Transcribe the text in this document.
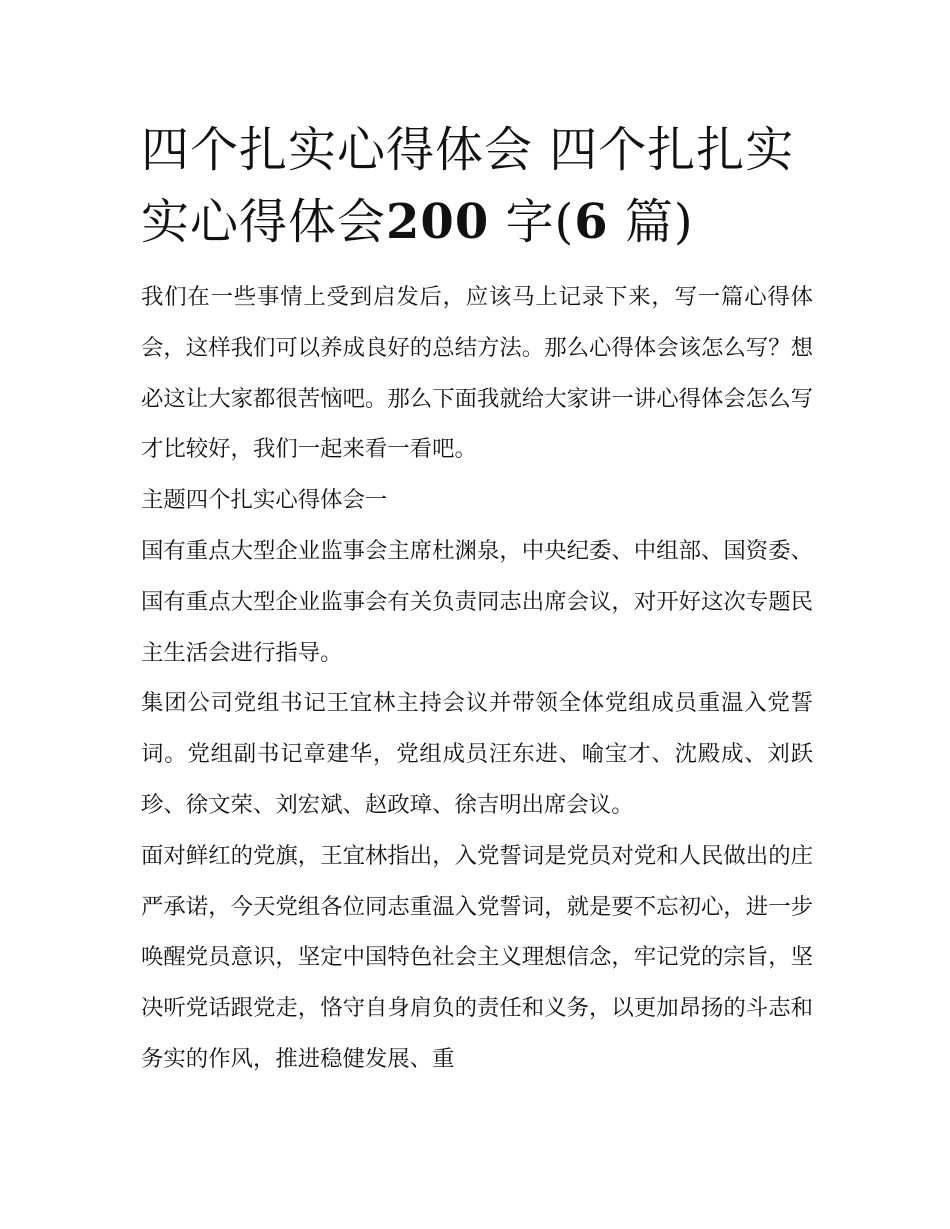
四个扎实心得体会 四个扎扎实实心得体会200 字(6 篇)

我们在一些事情上受到启发后，应该马上记录下来，写一篇心得体会，这样我们可以养成良好的总结方法。那么心得体会该怎么写？想必这让大家都很苦恼吧。那么下面我就给大家讲一讲心得体会怎么写才比较好，我们一起来看一看吧。

主题四个扎实心得体会一

国有重点大型企业监事会主席杜渊泉，中央纪委、中组部、国资委、国有重点大型企业监事会有关负责同志出席会议，对开好这次专题民主生活会进行指导。

集团公司党组书记王宜林主持会议并带领全体党组成员重温入党誓词。党组副书记章建华，党组成员汪东进、喻宝才、沈殿成、刘跃珍、徐文荣、刘宏斌、赵政璋、徐吉明出席会议。

面对鲜红的党旗，王宜林指出，入党誓词是党员对党和人民做出的庄严承诺，今天党组各位同志重温入党誓词，就是要不忘初心，进一步唤醒党员意识，坚定中国特色社会主义理想信念，牢记党的宗旨，坚决听党话跟党走，恪守自身肩负的责任和义务，以更加昂扬的斗志和务实的作风，推进稳健发展、重
